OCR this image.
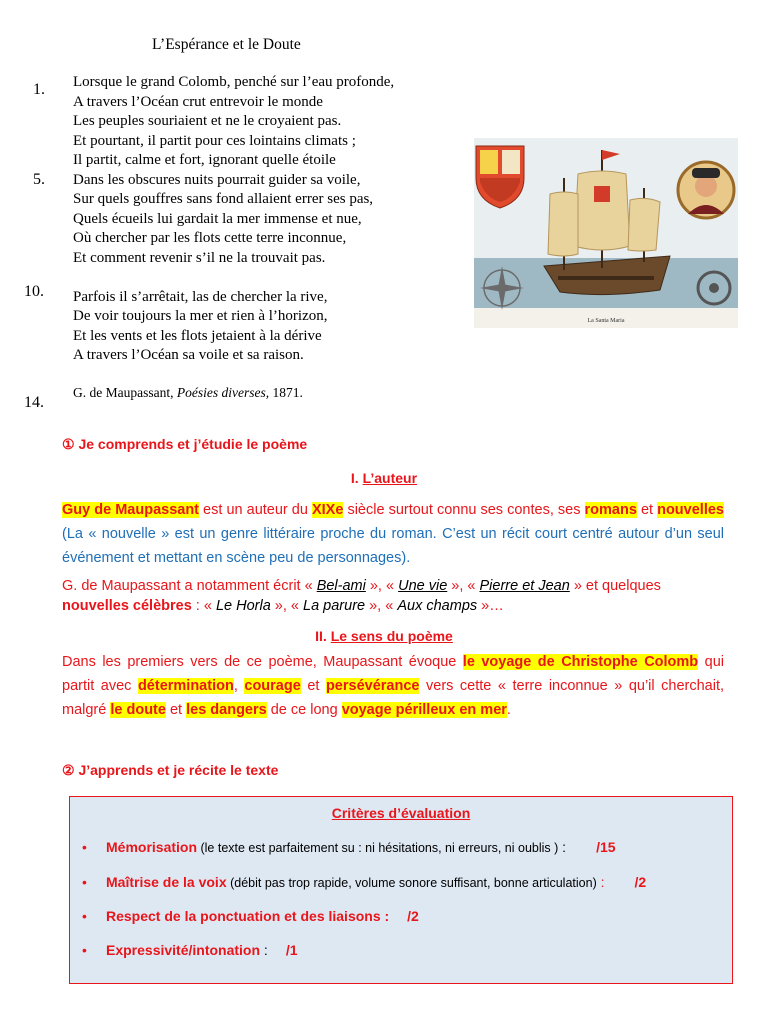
L’Espérance et le Doute
1.
5.
10.
14.
Lorsque le grand Colomb, penché sur l’eau profonde,
A travers l’Océan crut entrevoir le monde
Les peuples souriaient et ne le croyaient pas.
Et pourtant, il partit pour ces lointains climats ;
Il partit, calme et fort, ignorant quelle étoile
Dans les obscures nuits pourrait guider sa voile,
Sur quels gouffres sans fond allaient errer ses pas,
Quels écueils lui gardait la mer immense et nue,
Où chercher par les flots cette terre inconnue,
Et comment revenir s’il ne la trouvait pas.
Parfois il s’arrêtait, las de chercher la rive,
De voir toujours la mer et rien à l’horizon,
Et les vents et les flots jetaient à la dérive
A travers l’Océan sa voile et sa raison.
G. de Maupassant, Poésies diverses, 1871.
La Santa Maria
① Je comprends et j’étudie le poème
I. L’auteur
Guy de Maupassant est un auteur du XIXe siècle surtout connu ses contes, ses romans et nouvelles (La « nouvelle » est un genre littéraire proche du roman. C’est un récit court centré autour d’un seul événement et mettant en scène peu de personnages).
G. de Maupassant a notamment écrit « Bel-ami », « Une vie », « Pierre et Jean » et quelques nouvelles célèbres : « Le Horla », « La parure », « Aux champs »…
II. Le sens du poème
Dans les premiers vers de ce poème, Maupassant évoque le voyage de Christophe Colomb qui partit avec détermination, courage et persévérance vers cette « terre inconnue » qu’il cherchait, malgré le doute et les dangers de ce long voyage périlleux en mer.
② J’apprends et je récite le texte
Critères d’évaluation
• Mémorisation (le texte est parfaitement su : ni hésitations, ni erreurs, ni oublis ) : /15
• Maîtrise de la voix (débit pas trop rapide, volume sonore suffisant, bonne articulation) : /2
• Respect de la ponctuation et des liaisons : /2
• Expressivité/intonation : /1
